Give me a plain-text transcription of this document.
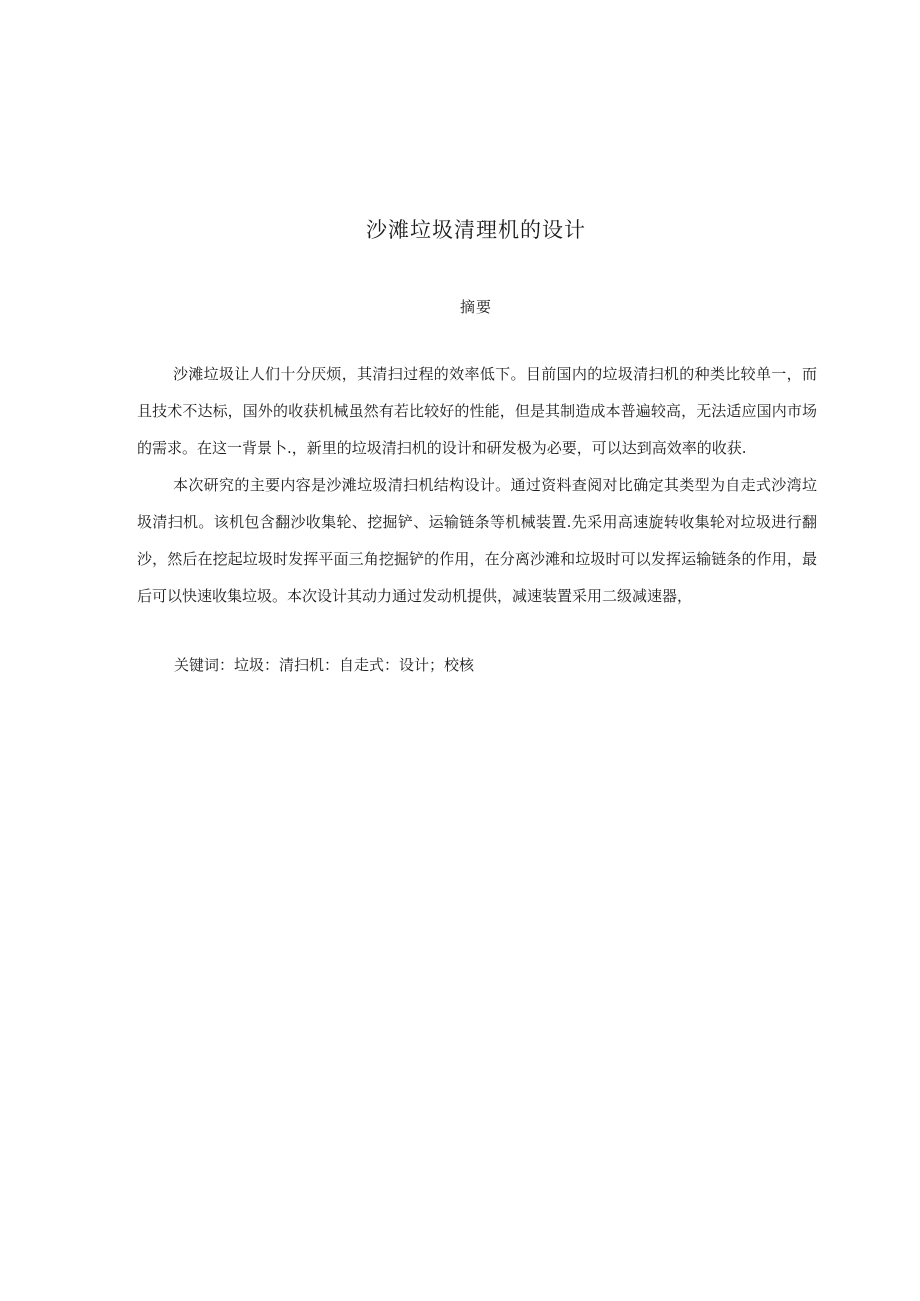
沙滩垃圾清理机的设计
摘要

沙滩垃圾让人们十分厌烦，其清扫过程的效率低下。目前国内的垃圾清扫机的种类比较单一，而且技术不达标，国外的收获机械虽然有若比较好的性能，但是其制造成本普遍较高，无法适应国内市场的需求。在这一背景卜.，新里的垃圾清扫机的设计和研发极为必要，可以达到高效率的收获.

本次研究的主要内容是沙滩垃圾清扫机结构设计。通过资料查阅对比确定其类型为自走式沙湾垃圾清扫机。该机包含翻沙收集轮、挖掘铲、运输链条等机械装置.先采用高速旋转收集轮对垃圾进行翻沙，然后在挖起垃圾时发挥平面三角挖掘铲的作用，在分离沙滩和垃圾时可以发挥运输链条的作用，最后可以快速收集垃圾。本次设计其动力通过发动机提供，减速装置采用二级减速器，

关键词：垃圾：清扫机：自走式：设计；校核
